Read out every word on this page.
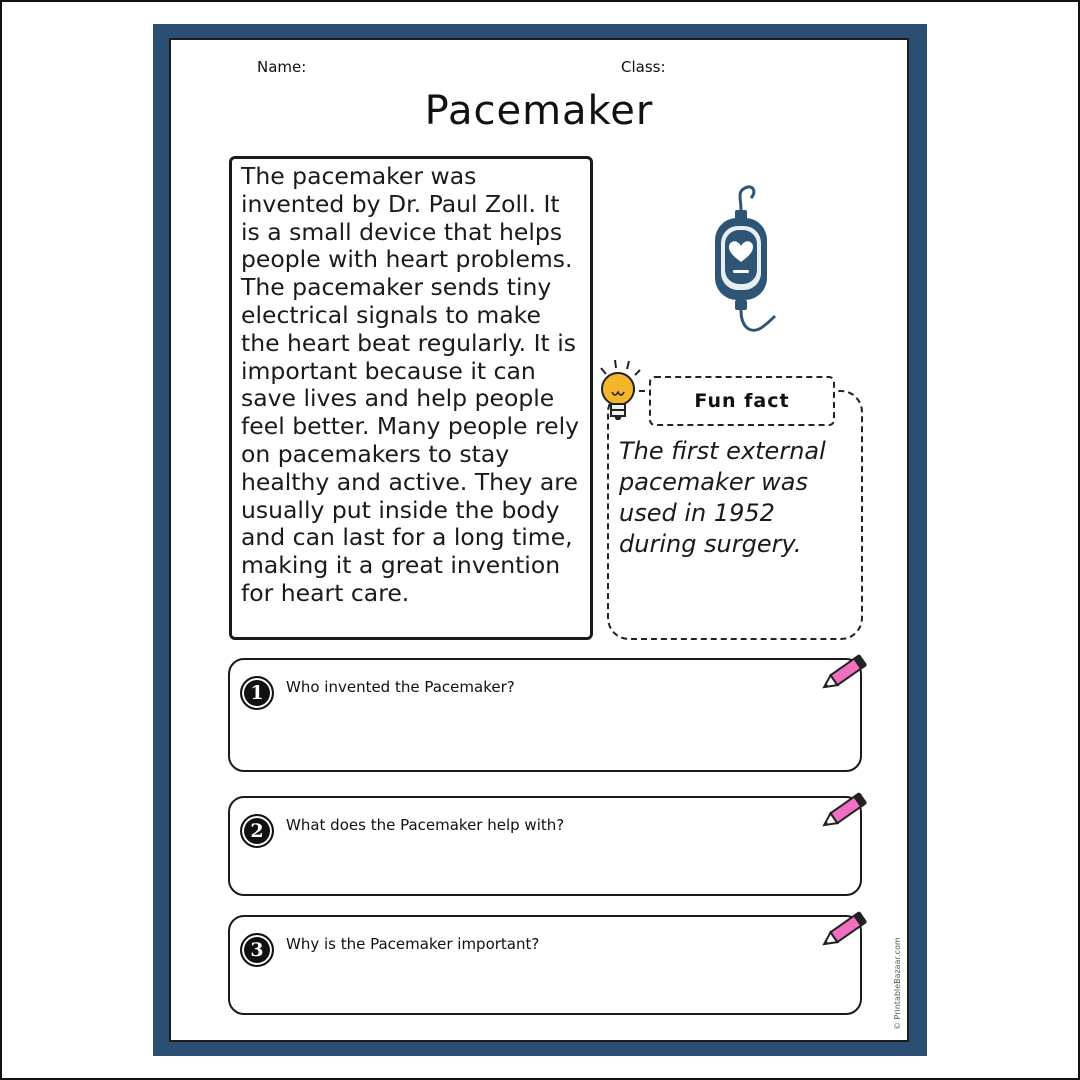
Name:	Class:
Pacemaker
The pacemaker was invented by Dr. Paul Zoll. It is a small device that helps people with heart problems. The pacemaker sends tiny electrical signals to make the heart beat regularly. It is important because it can save lives and help people feel better. Many people rely on pacemakers to stay healthy and active. They are usually put inside the body and can last for a long time, making it a great invention for heart care.
Fun fact
The first external pacemaker was used in 1952 during surgery.
1	Who invented the Pacemaker?
2	What does the Pacemaker help with?
3	Why is the Pacemaker important?	© PrintableBazaar.com
